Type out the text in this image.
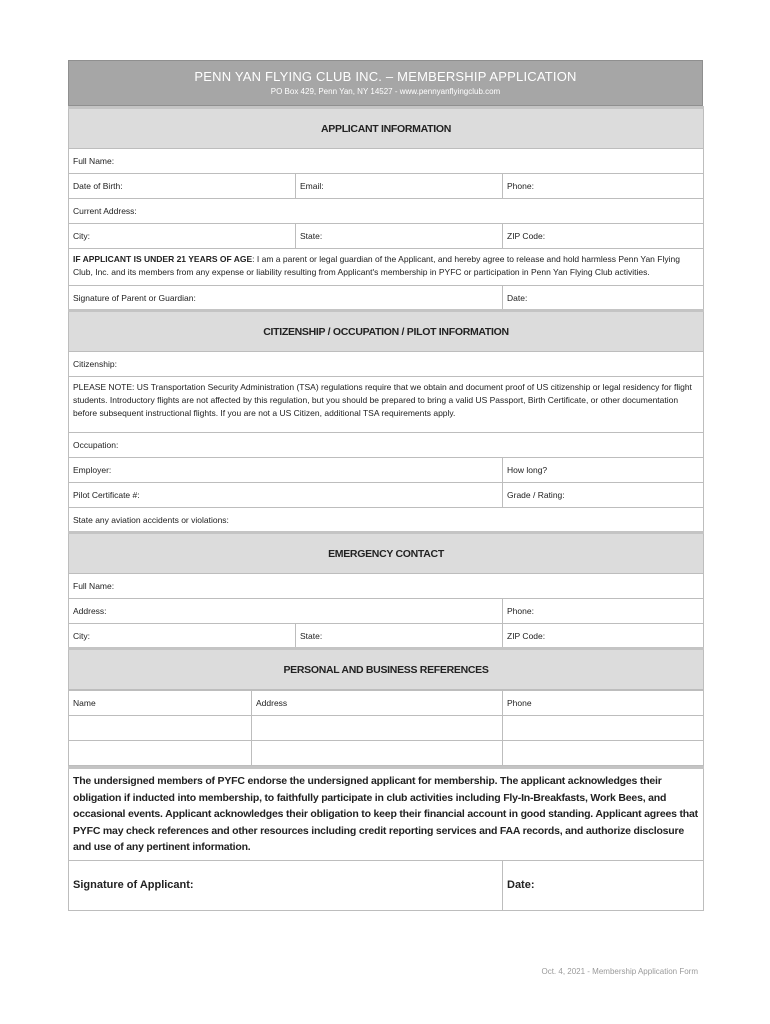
PENN YAN FLYING CLUB INC. – MEMBERSHIP APPLICATION
PO Box 429, Penn Yan, NY 14527 - www.pennyanflyingclub.com
APPLICANT INFORMATION		
Full Name:		
Date of Birth:	Email:	Phone:
Current Address:		
City:	State:	ZIP Code:
IF APPLICANT IS UNDER 21 YEARS OF AGE: I am a parent or legal guardian of the Applicant, and hereby agree to release and hold harmless Penn Yan Flying Club, Inc. and its members from any expense or liability resulting from Applicant's membership in PYFC or participation in Penn Yan Flying Club activities.		
Signature of Parent or Guardian:		Date:
CITIZENSHIP / OCCUPATION / PILOT INFORMATION		
Citizenship:		
PLEASE NOTE: US Transportation Security Administration (TSA) regulations require that we obtain and document proof of US citizenship or legal residency for flight students. Introductory flights are not affected by this regulation, but you should be prepared to bring a valid US Passport, Birth Certificate, or other documentation before subsequent instructional flights. If you are not a US Citizen, additional TSA requirements apply.		
Occupation:		
Employer:		How long?
Pilot Certificate #:		Grade / Rating:
State any aviation accidents or violations:		
EMERGENCY CONTACT		
Full Name:		
Address:		Phone:
City:	State:	ZIP Code:
PERSONAL AND BUSINESS REFERENCES		
Name	Address	Phone

The undersigned members of PYFC endorse the undersigned applicant for membership. The applicant acknowledges their obligation if inducted into membership, to faithfully participate in club activities including Fly-In-Breakfasts, Work Bees, and occasional events. Applicant acknowledges their obligation to keep their financial account in good standing. Applicant agrees that PYFC may check references and other resources including credit reporting services and FAA records, and authorize disclosure and use of any pertinent information.
Signature of Applicant:	Date:
Oct. 4, 2021 - Membership Application Form
